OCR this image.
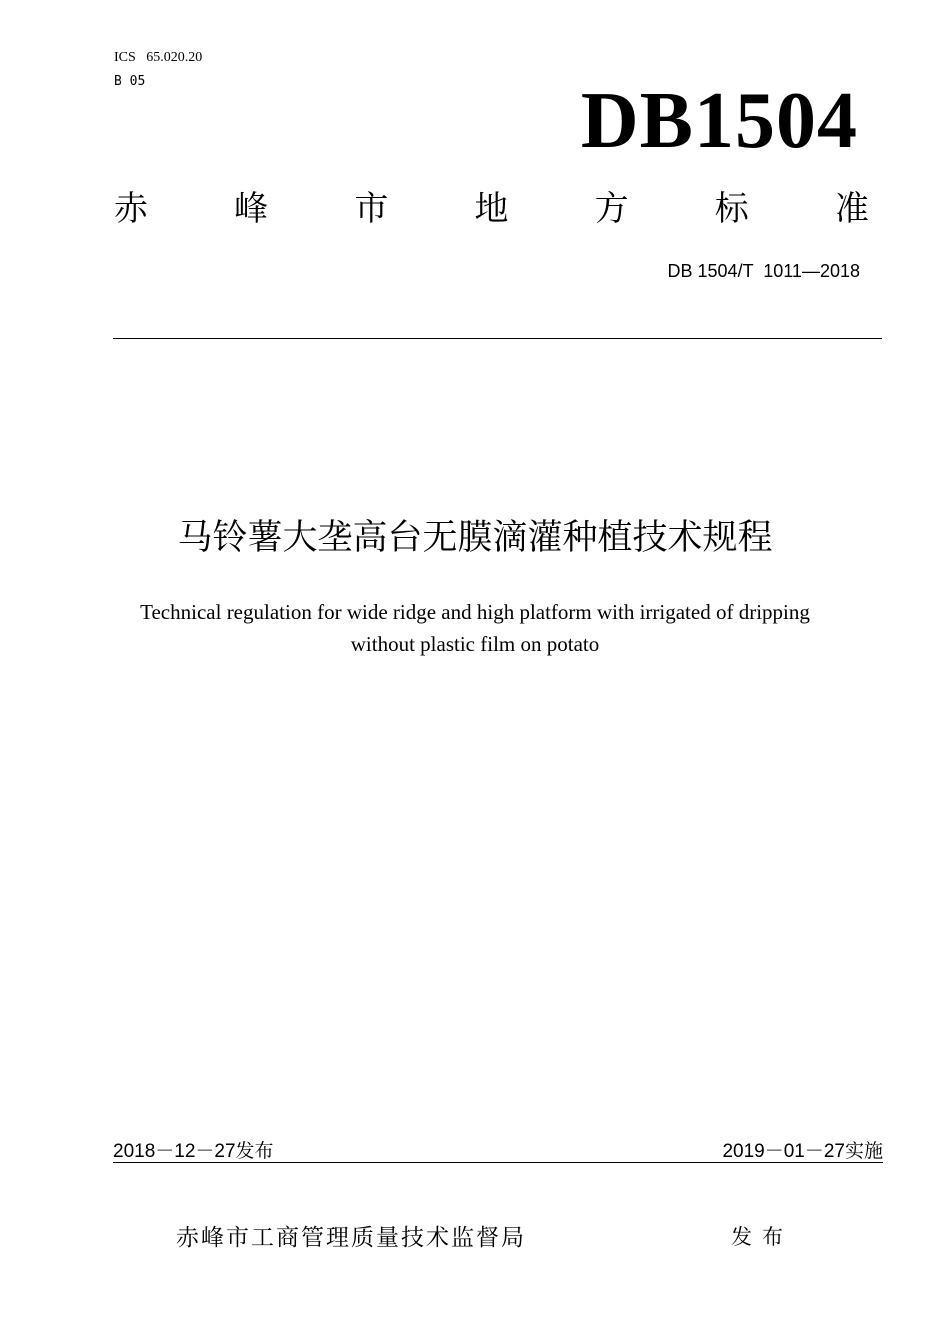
ICS   65.020.20
B 05	DB1504
赤	峰	市	地	方	标	准
DB 1504/T  1011—2018
马铃薯大垄高台无膜滴灌种植技术规程
Technical regulation for wide ridge and high platform with irrigated of dripping
without plastic film on potato
2018－12－27发布	2019－01－27实施
赤峰市工商管理质量技术监督局	发布
